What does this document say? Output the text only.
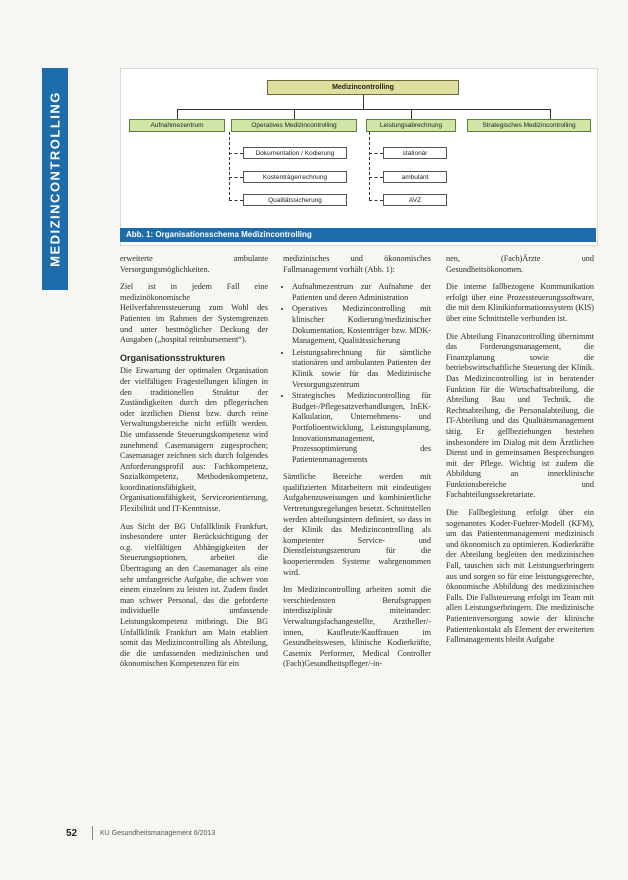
MEDIZINCONTROLLING
Medizincontrolling
Aufnahmezentrum	Operatives Medizincontrolling	Leistungsabrechnung	Strategisches Medizincontrolling
Dokumentation / Kodierung
Kostenträgerrechnung
Qualitätssicherung
stationär
ambulant
AVZ
Abb. 1: Organisationsschema Medizincontrolling

erweiterte ambulante Versorgungsmöglichkeiten.

Ziel ist in jedem Fall eine medizinökonomische Heilverfahrenssteuerung zum Wohl des Patienten im Rahmen der Systemgrenzen und unter bestmöglicher Deckung der Ausgaben („hospital reimbursement“).

Organisationsstrukturen

Die Erwartung der optimalen Organisation der vielfältigen Fragestellungen klingen in den traditionellen Struktur der Zuständigkeiten durch den pflegerischen oder ärztlichen Dienst bzw. durch reine Verwaltungsbereiche nicht erfüllt werden. Die umfassende Steuerungskompetenz wird zunehmend Casemanagern zugesprochen; Casemanager zeichnen sich durch folgendes Anforderungsprofil aus: Fachkompetenz, Sozialkompetenz, Methodenkompetenz, koordinationsfähigkeit, Organisationsfähigkeit, Serviceorientierung, Flexibilität und IT-Kenntnisse.

Aus Sicht der BG Unfallklinik Frankfurt, insbesondere unter Berücksichtigung der o.g. vielfältigen Abhängigkeiten der Steuerungsoptionen, arbeitet die Übertragung an den Casemanager als eine sehr umfangreiche Aufgabe, die schwer von einem einzelnen zu leisten ist. Zudem findet man schwer Personal, das die geforderte individuelle umfassende Leistungskompetenz mitbringt. Die BG Unfallklinik Frankfurt am Main etabliert somit das Medizincontrolling als Abteilung, die die umfassenden medizinischen und ökonomischen Kompetenzen für ein

medizinisches und ökonomisches Fallmanagement vorhält (Abb. 1):

• Aufnahmezentrum zur Aufnahme der Patienten und deren Administration
• Operatives Medizincontrolling mit klinischer Kodierung/medizinischer Dokumentation, Kostenträger bzw. MDK-Management, Qualitätssicherung
• Leistungsabrechnung für sämtliche stationären und ambulanten Patienten der Klinik sowie für das Medizinische Versorgungszentrum
• Strategisches Medizincontrolling für Budget-/Pflegesatzverhandlungen, InEK-Kalkulation, Unternehmens- und Portfolioentwicklung, Leistungsplanung, Innovationsmanagement, Prozessoptimierung des Patientenmanagements

Sämtliche Bereiche werden mit qualifizierten Mitarbeitern mit eindeutigen Aufgabenzuweisungen und kombiniertliche Vertretungsregelungen besetzt. Schnittstellen werden abteilungsintern definiert, so dass in der Klinik das Medizincontrolling als kompetenter Service- und Dienstleistungszentrum für die kooperierenden Systeme wahrgenommen wird.

Im Medizincontrolling arbeiten somit die verschiedensten Berufsgruppen interdisziplinär miteinander: Verwaltungsfachangestellte, Arztheller/-innen, Kaufleute/Kauffrauen im Gesundheitswesen, klinische Kodierkräfte, Casemix Performer, Medical Controller (Fach)Gesundheitspfleger/-in-

nen, (Fach)Ärzte und Gesundheitsökonomen.

Die interne fallbezogene Kommunikation erfolgt über eine Prozessteuerungssoftware, die mit dem Klinikinformationssystem (KIS) über eine Schnittstelle verbunden ist.

Die Abteilung Finanzcontrolling übernimmt das Forderungsmanagement, die Finanzplanung sowie die betriebswirtschaftliche Steuerung der Klinik. Das Medizincontrolling ist in beratender Funktion für die Wirtschaftsabteilung, die Abteilung Bau und Technik, die Rechtsabteilung, die Personalabteilung, die IT-Abteilung und das Qualitätsmanagement tätig. Er gellbeziehungen bestehen insbesondere im Dialog mit dem Ärztlichen Dienst und in gemeinsamen Besprechungen mit der Pflege. Wichtig ist zudem die Abbildung an innerklinische Funktionsbereiche und Fachabteilungssekretariate.

Die Fallbegleitung erfolgt über ein sogenanntes Koder-Fuehrer-Modell (KFM), um das Patientenmanagement medizinisch und ökonomisch zu optimieren. Kodierkräfte der Abteilung begleiten den medizinischen Fall, tauschen sich mit Leistungserbringern aus und sorgen so für eine leistungsgerechte, ökonomische Abbildung des medizinischen Falls. Die Fallsteuerung erfolgt im Team mit allen Leistungserbringern. Die medizinische Patientenversorgung sowie der klinische Patientenkontakt als Element der erweiterten Fallmanagements bleibt Aufgabe

52	KU Gesundheitsmanagement 6/2013
